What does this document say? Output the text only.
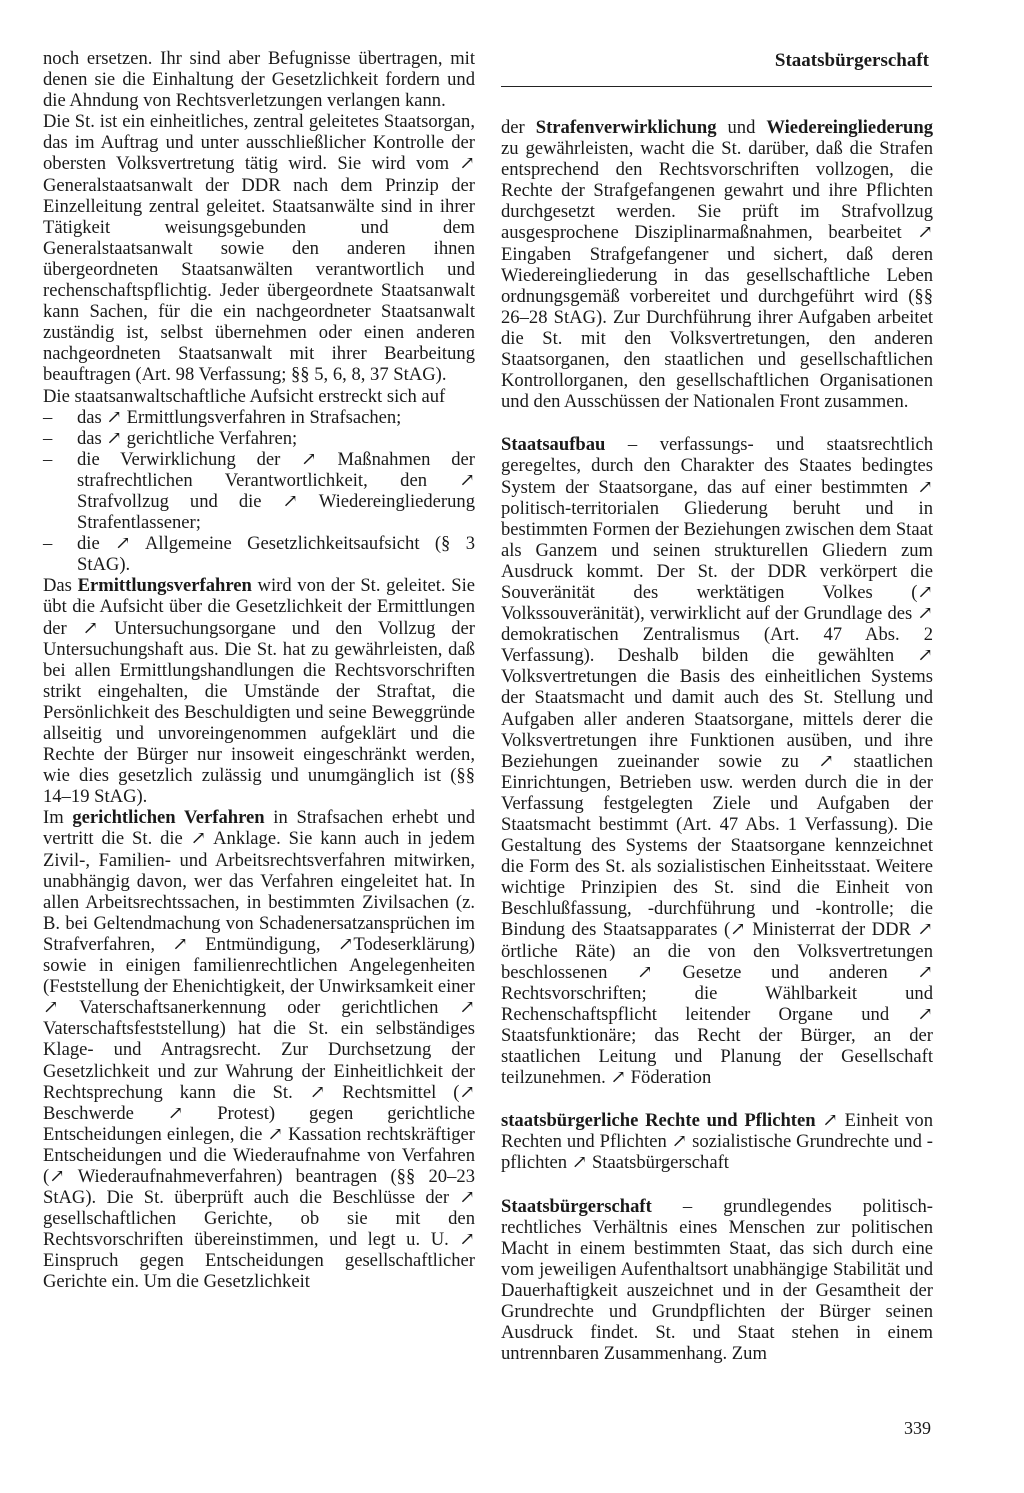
Staatsbürgerschaft

noch ersetzen. Ihr sind aber Befugnisse übertragen, mit denen sie die Einhaltung der Gesetzlichkeit fordern und die Ahndung von Rechtsverletzungen verlangen kann.

Die St. ist ein einheitliches, zentral geleitetes Staatsorgan, das im Auftrag und unter ausschließlicher Kontrolle der obersten Volksvertretung tätig wird. Sie wird vom ↗ Generalstaatsanwalt der DDR nach dem Prinzip der Einzelleitung zentral geleitet. Staatsanwälte sind in ihrer Tätigkeit weisungsgebunden und dem Generalstaatsanwalt sowie den anderen ihnen übergeordneten Staatsanwälten verantwortlich und rechenschaftspflichtig. Jeder übergeordnete Staatsanwalt kann Sachen, für die ein nachgeordneter Staatsanwalt zuständig ist, selbst übernehmen oder einen anderen nachgeordneten Staatsanwalt mit ihrer Bearbeitung beauftragen (Art. 98 Verfassung; §§ 5, 6, 8, 37 StAG).

Die staatsanwaltschaftliche Aufsicht erstreckt sich auf

–	das ↗ Ermittlungsverfahren in Strafsachen;
–	das ↗ gerichtliche Verfahren;
–	die Verwirklichung der ↗ Maßnahmen der strafrechtlichen Verantwortlichkeit, den ↗ Strafvollzug und die ↗ Wiedereingliederung Strafentlassener;
–	die ↗ Allgemeine Gesetzlichkeitsaufsicht (§ 3 StAG).

Das Ermittlungsverfahren wird von der St. geleitet. Sie übt die Aufsicht über die Gesetzlichkeit der Ermittlungen der ↗ Untersuchungsorgane und den Vollzug der Untersuchungshaft aus. Die St. hat zu gewährleisten, daß bei allen Ermittlungshandlungen die Rechtsvorschriften strikt eingehalten, die Umstände der Straftat, die Persönlichkeit des Beschuldigten und seine Beweggründe allseitig und unvoreingenommen aufgeklärt und die Rechte der Bürger nur insoweit eingeschränkt werden, wie dies gesetzlich zulässig und unumgänglich ist (§§ 14–19 StAG).

Im gerichtlichen Verfahren in Strafsachen erhebt und vertritt die St. die ↗ Anklage. Sie kann auch in jedem Zivil-, Familien- und Arbeitsrechtsverfahren mitwirken, unabhängig davon, wer das Verfahren eingeleitet hat. In allen Arbeitsrechtssachen, in bestimmten Zivilsachen (z. B. bei Geltendmachung von Schadenersatzansprüchen im Strafverfahren, ↗ Entmündigung, ↗Todeserklärung) sowie in einigen familienrechtlichen Angelegenheiten (Feststellung der Ehenichtigkeit, der Unwirksamkeit einer ↗ Vaterschaftsanerkennung oder gerichtlichen ↗ Vaterschaftsfeststellung) hat die St. ein selbständiges Klage- und Antragsrecht. Zur Durchsetzung der Gesetzlichkeit und zur Wahrung der Einheitlichkeit der Rechtsprechung kann die St. ↗ Rechtsmittel (↗ Beschwerde ↗ Protest) gegen gerichtliche Entscheidungen einlegen, die ↗ Kassation rechtskräftiger Entscheidungen und die Wiederaufnahme von Verfahren (↗ Wiederaufnahmeverfahren) beantragen (§§ 20–23 StAG). Die St. überprüft auch die Beschlüsse der ↗ gesellschaftlichen Gerichte, ob sie mit den Rechtsvorschriften übereinstimmen, und legt u. U. ↗ Einspruch gegen Entscheidungen gesellschaftlicher Gerichte ein. Um die Gesetzlichkeit

der Strafenverwirklichung und Wiedereingliederung zu gewährleisten, wacht die St. darüber, daß die Strafen entsprechend den Rechtsvorschriften vollzogen, die Rechte der Strafgefangenen gewahrt und ihre Pflichten durchgesetzt werden. Sie prüft im Strafvollzug ausgesprochene Disziplinarmaßnahmen, bearbeitet ↗ Eingaben Strafgefangener und sichert, daß deren Wiedereingliederung in das gesellschaftliche Leben ordnungsgemäß vorbereitet und durchgeführt wird (§§ 26–28 StAG). Zur Durchführung ihrer Aufgaben arbeitet die St. mit den Volksvertretungen, den anderen Staatsorganen, den staatlichen und gesellschaftlichen Kontrollorganen, den gesellschaftlichen Organisationen und den Ausschüssen der Nationalen Front zusammen.

Staatsaufbau – verfassungs- und staatsrechtlich geregeltes, durch den Charakter des Staates bedingtes System der Staatsorgane, das auf einer bestimmten ↗ politisch-territorialen Gliederung beruht und in bestimmten Formen der Beziehungen zwischen dem Staat als Ganzem und seinen strukturellen Gliedern zum Ausdruck kommt. Der St. der DDR verkörpert die Souveränität des werktätigen Volkes (↗ Volkssouveränität), verwirklicht auf der Grundlage des ↗ demokratischen Zentralismus (Art. 47 Abs. 2 Verfassung). Deshalb bilden die gewählten ↗ Volksvertretungen die Basis des einheitlichen Systems der Staatsmacht und damit auch des St. Stellung und Aufgaben aller anderen Staatsorgane, mittels derer die Volksvertretungen ihre Funktionen ausüben, und ihre Beziehungen zueinander sowie zu ↗ staatlichen Einrichtungen, Betrieben usw. werden durch die in der Verfassung festgelegten Ziele und Aufgaben der Staatsmacht bestimmt (Art. 47 Abs. 1 Verfassung). Die Gestaltung des Systems der Staatsorgane kennzeichnet die Form des St. als sozialistischen Einheitsstaat. Weitere wichtige Prinzipien des St. sind die Einheit von Beschlußfassung, -durchführung und -kontrolle; die Bindung des Staatsapparates (↗ Ministerrat der DDR ↗ örtliche Räte) an die von den Volksvertretungen beschlossenen ↗ Gesetze und anderen ↗ Rechtsvorschriften; die Wählbarkeit und Rechenschaftspflicht leitender Organe und ↗ Staatsfunktionäre; das Recht der Bürger, an der staatlichen Leitung und Planung der Gesellschaft teilzunehmen. ↗ Föderation

staatsbürgerliche Rechte und Pflichten ↗ Einheit von Rechten und Pflichten ↗ sozialistische Grundrechte und -pflichten ↗ Staatsbürgerschaft

Staatsbürgerschaft – grundlegendes politisch-rechtliches Verhältnis eines Menschen zur politischen Macht in einem bestimmten Staat, das sich durch eine vom jeweiligen Aufenthaltsort unabhängige Stabilität und Dauerhaftigkeit auszeichnet und in der Gesamtheit der Grundrechte und Grundpflichten der Bürger seinen Ausdruck findet. St. und Staat stehen in einem untrennbaren Zusammenhang. Zum

339
